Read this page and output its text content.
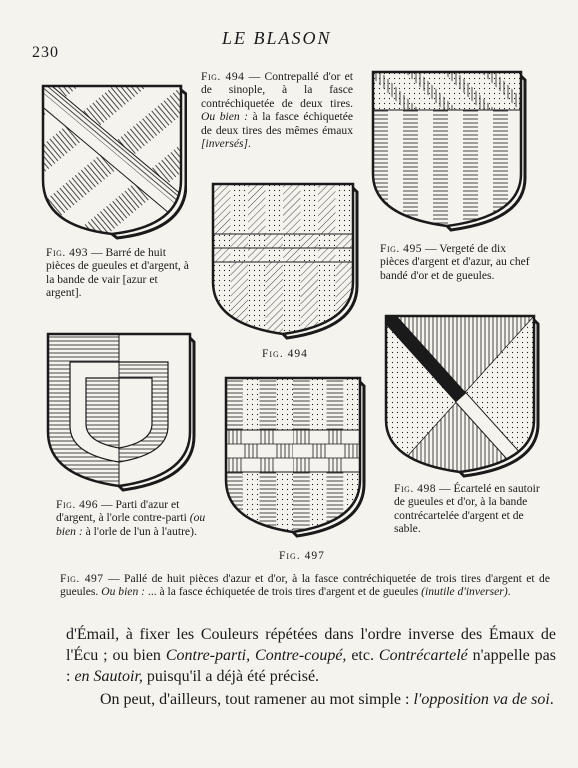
230
LE BLASON
Fig. 494 — Contrepallé d'or et de sinople, à la fasce contréchiquetée de deux tires. Ou bien : à la fasce échiquetée de deux tires des mêmes émaux [inversés].
Fig. 493 — Barré de huit pièces de gueules et d'argent, à la bande de vair [azur et argent].
Fig. 495 — Vergeté de dix pièces d'argent et d'azur, au chef bandé d'or et de gueules.
Fig. 494
Fig. 498 — Écartelé en sautoir de gueules et d'or, à la bande contrécartelée d'argent et de sable.
Fig. 496 — Parti d'azur et d'argent, à l'orle contre-parti (ou bien : à l'orle de l'un à l'autre).
Fig. 497
Fig. 497 — Pallé de huit pièces d'azur et d'or, à la fasce contréchiquetée de trois tires d'argent et de gueules. Ou bien : ... à la fasce échiquetée de trois tires d'argent et de gueules (inutile d'inverser).
d'Émail, à fixer les Couleurs répétées dans l'ordre inverse des Émaux de l'Écu ; ou bien Contre-parti, Contre-coupé, etc. Contrécartelé n'appelle pas : en Sautoir, puisqu'il a déjà été précisé.
On peut, d'ailleurs, tout ramener au mot simple : l'opposition va de soi.
